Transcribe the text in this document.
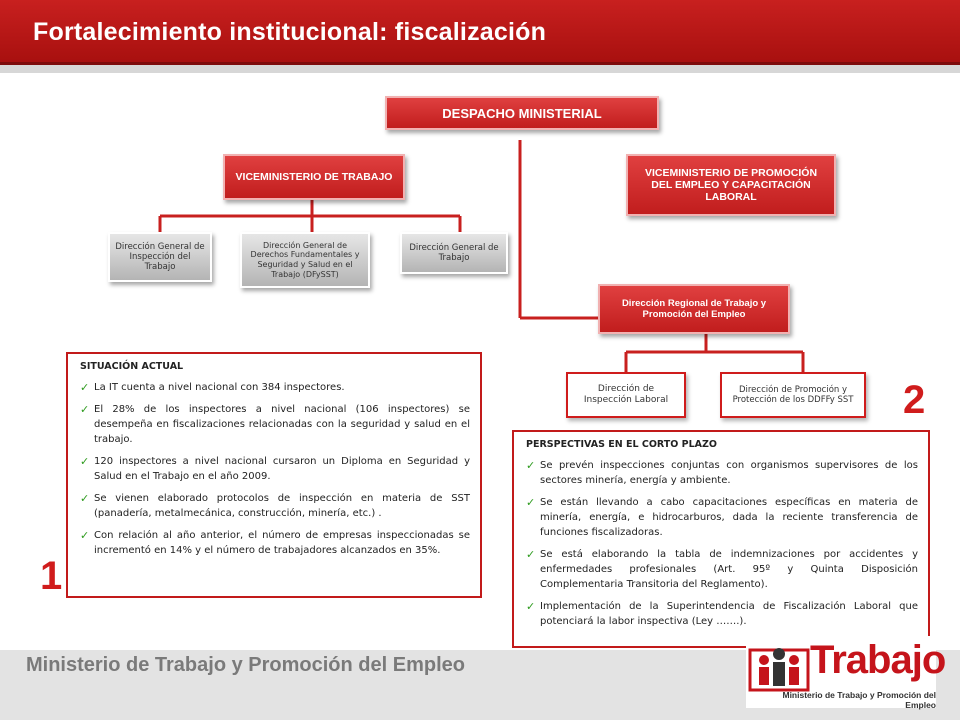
Fortalecimiento institucional: fiscalización
DESPACHO MINISTERIAL
VICEMINISTERIO DE TRABAJO	VICEMINISTERIO DE PROMOCIÓN DEL EMPLEO Y CAPACITACIÓN LABORAL
Dirección General de Inspección del Trabajo
Dirección General de Derechos Fundamentales y Seguridad y Salud en el Trabajo (DFySST)
Dirección General de Trabajo
Dirección Regional de Trabajo y Promoción del Empleo
Dirección de Inspección Laboral
Dirección de Promoción y Protección de los DDFFy SST
SITUACIÓN ACTUAL
✓ La IT cuenta a nivel nacional con 384 inspectores.
✓ El 28% de los inspectores a nivel nacional (106 inspectores) se desempeña en fiscalizaciones relacionadas con la seguridad y salud en el trabajo.
✓ 120 inspectores a nivel nacional cursaron un Diploma en Seguridad y Salud en el Trabajo en el año 2009.
✓ Se vienen elaborado protocolos de inspección en materia de SST (panadería, metalmecánica, construcción, minería, etc.) .
✓ Con relación al año anterior, el número de empresas inspeccionadas se incrementó en 14% y el número de trabajadores alcanzados en 35%.
PERSPECTIVAS EN EL CORTO PLAZO
✓ Se prevén inspecciones conjuntas con organismos supervisores de los sectores minería, energía y ambiente.
✓ Se están llevando a cabo capacitaciones específicas en materia de minería, energía, e hidrocarburos, dada la reciente transferencia de funciones fiscalizadoras.
✓ Se está elaborando la tabla de indemnizaciones por accidentes y enfermedades profesionales (Art. 95º y Quinta Disposición Complementaria Transitoria del Reglamento).
✓ Implementación de la Superintendencia de Fiscalización Laboral que potenciará la labor inspectiva (Ley …….).
1
2
Ministerio de Trabajo y Promoción del Empleo	Trabajo
Ministerio de Trabajo y Promoción del Empleo
